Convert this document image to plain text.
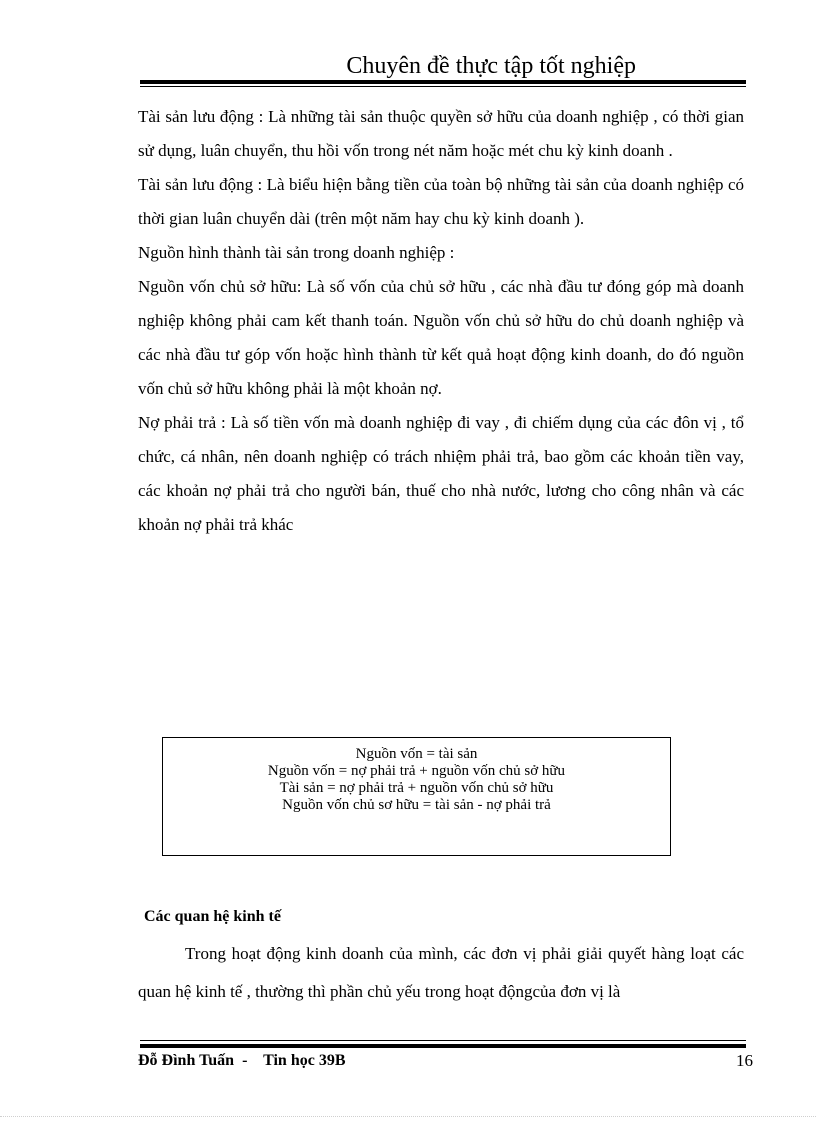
Chuyên đề thực tập tốt nghiệp

Tài sản lưu động : Là những tài sản thuộc quyền sở hữu của doanh nghiệp , có thời gian sử dụng, luân chuyển, thu hồi vốn trong nét năm hoặc mét chu kỳ kinh doanh .

Tài sản lưu động : Là biểu hiện bằng tiền của toàn bộ những tài sản của doanh nghiệp có thời gian luân chuyển dài (trên một năm hay chu kỳ kinh doanh ).

Nguồn hình thành tài sản trong doanh nghiệp :

Nguồn vốn chủ sở hữu: Là số vốn của chủ sở hữu , các nhà đầu tư đóng góp mà doanh nghiệp không phải cam kết thanh toán. Nguồn vốn chủ sở hữu do chủ doanh nghiệp và các nhà đầu tư góp vốn hoặc hình thành từ kết quả hoạt động kinh doanh, do đó nguồn vốn chủ sở hữu không phải là một khoản nợ.

Nợ phải trả : Là số tiền vốn mà doanh nghiệp đi vay , đi chiếm dụng của các đôn vị , tổ chức, cá nhân, nên doanh nghiệp có trách nhiệm phải trả, bao gồm các khoản tiền vay, các khoản nợ phải trả cho người bán, thuế cho nhà nước, lương cho công nhân và các khoản nợ phải trả khác

Nguồn vốn = tài sản
Nguồn vốn = nợ phải trả + nguồn vốn chủ sở hữu
Tài sản = nợ phải trả + nguồn vốn chủ sở hữu
Nguồn vốn chủ sơ hữu = tài sản - nợ phải trả
Các quan hệ kinh tế

Trong hoạt động kinh doanh của mình, các đơn vị phải giải quyết hàng loạt các quan hệ kinh tế , thường thì phần chủ yếu trong hoạt độngcủa đơn vị là

Đỗ Đình Tuấn  -    Tin học 39B	16
